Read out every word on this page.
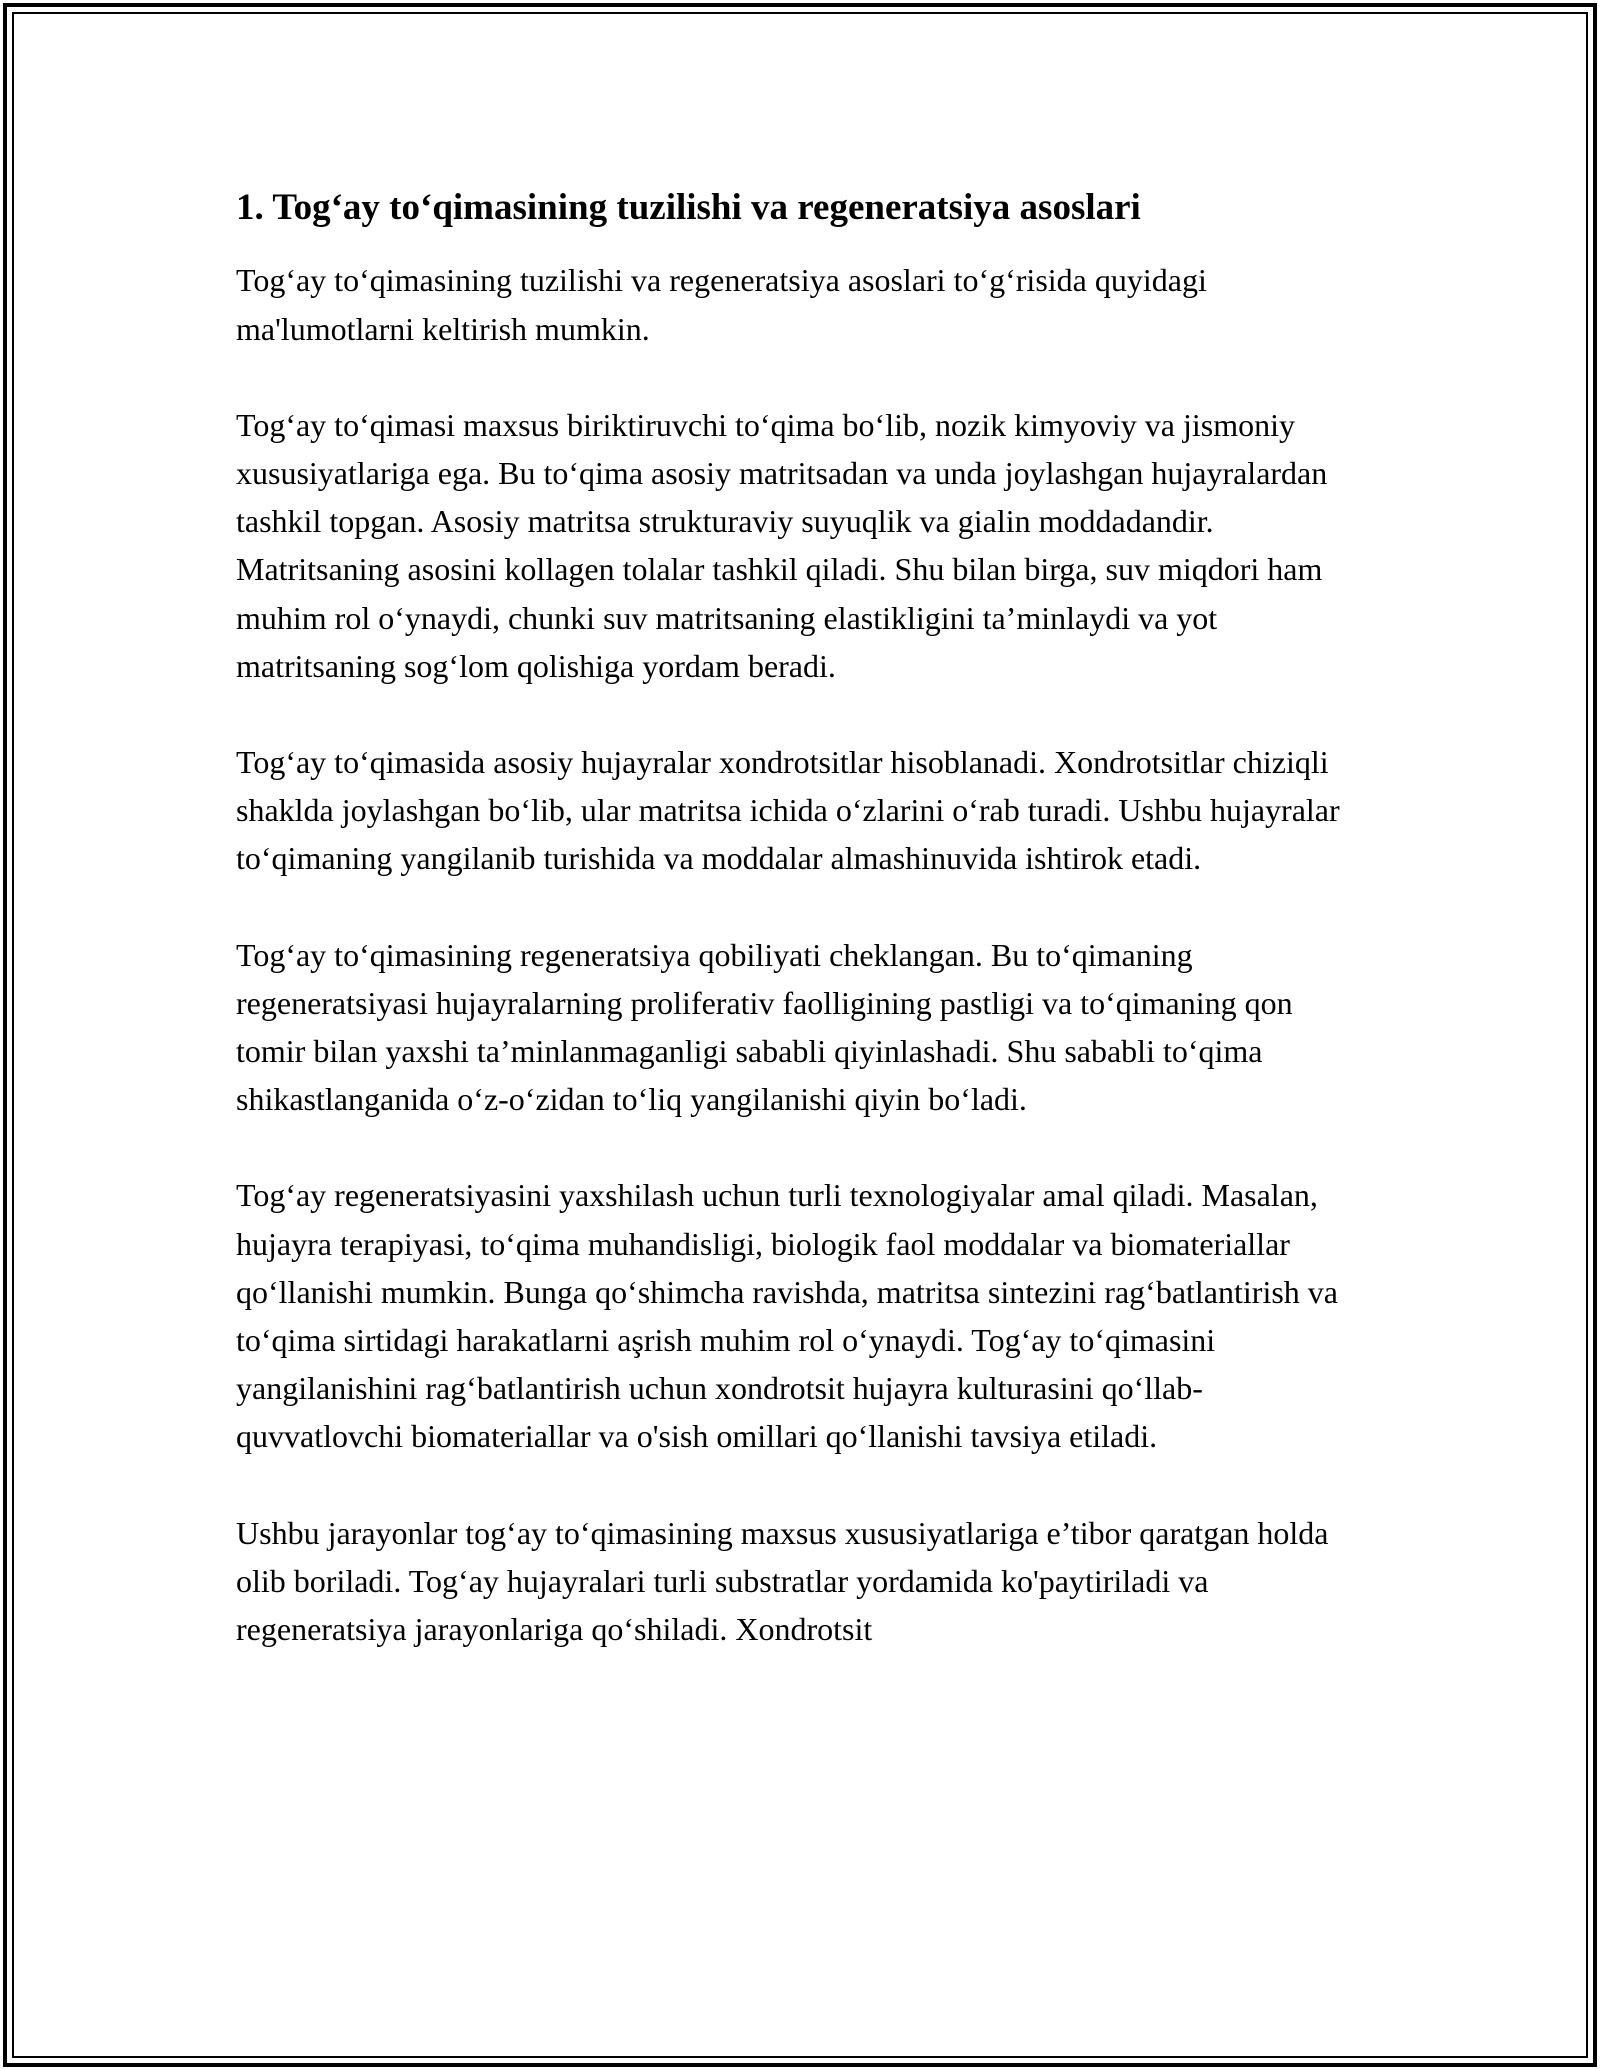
1. Tog‘ay to‘qimasining tuzilishi va regeneratsiya asoslari

Tog‘ay to‘qimasining tuzilishi va regeneratsiya asoslari to‘g‘risida quyidagi ma'lumotlarni keltirish mumkin.

Tog‘ay to‘qimasi maxsus biriktiruvchi to‘qima bo‘lib, nozik kimyoviy va jismoniy xususiyatlariga ega. Bu to‘qima asosiy matritsadan va unda joylashgan hujayralardan tashkil topgan. Asosiy matritsa strukturaviy suyuqlik va gialin moddadandir. Matritsaning asosini kollagen tolalar tashkil qiladi. Shu bilan birga, suv miqdori ham muhim rol o‘ynaydi, chunki suv matritsaning elastikligini ta’minlaydi va yot matritsaning sog‘lom qolishiga yordam beradi.

Tog‘ay to‘qimasida asosiy hujayralar xondrotsitlar hisoblanadi. Xondrotsitlar chiziqli shaklda joylashgan bo‘lib, ular matritsa ichida o‘zlarini o‘rab turadi. Ushbu hujayralar to‘qimaning yangilanib turishida va moddalar almashinuvida ishtirok etadi.

Tog‘ay to‘qimasining regeneratsiya qobiliyati cheklangan. Bu to‘qimaning regeneratsiyasi hujayralarning proliferativ faolligining pastligi va to‘qimaning qon tomir bilan yaxshi ta’minlanmaganligi sababli qiyinlashadi. Shu sababli to‘qima shikastlanganida o‘z-o‘zidan to‘liq yangilanishi qiyin bo‘ladi.

Tog‘ay regeneratsiyasini yaxshilash uchun turli texnologiyalar amal qiladi. Masalan, hujayra terapiyasi, to‘qima muhandisligi, biologik faol moddalar va biomateriallar qo‘llanishi mumkin. Bunga qo‘shimcha ravishda, matritsa sintezini rag‘batlantirish va to‘qima sirtidagi harakatlarni aşrish muhim rol o‘ynaydi. Tog‘ay to‘qimasini yangilanishini rag‘batlantirish uchun xondrotsit hujayra kulturasini qo‘llab-quvvatlovchi biomateriallar va o'sish omillari qo‘llanishi tavsiya etiladi.

Ushbu jarayonlar tog‘ay to‘qimasining maxsus xususiyatlariga e’tibor qaratgan holda olib boriladi. Tog‘ay hujayralari turli substratlar yordamida ko'paytiriladi va regeneratsiya jarayonlariga qo‘shiladi. Xondrotsit
